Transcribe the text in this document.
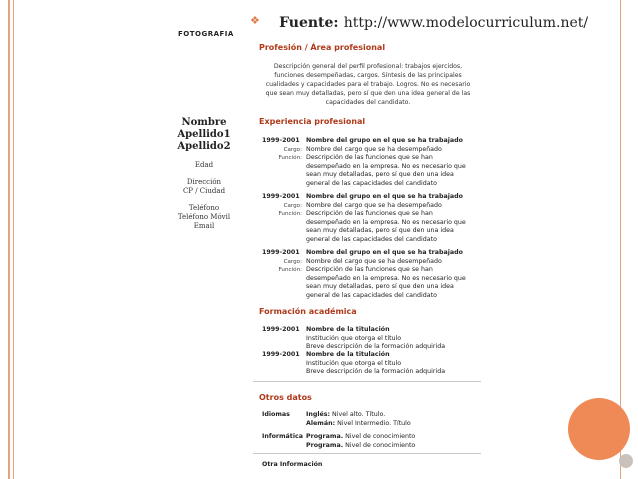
❖ Fuente: http://www.modelocurriculum.net/
FOTOGRAFIA
Nombre
Apellido1
Apellido2
Edad
Dirección
CP / Ciudad
Teléfono
Teléfono Móvil
Email
Profesión / Área profesional
Descripción general del perfil profesional: trabajos ejercidos, funciones desempeñadas, cargos. Síntesis de las principales cualidades y capacidades para el trabajo. Logros. No es necesario que sean muy detalladas, pero sí que den una idea general de las capacidades del candidato.
Experiencia profesional
1999-2001	Nombre del grupo en el que se ha trabajado
Cargo: Nombre del cargo que se ha desempeñado
Función: Descripción de las funciones que se han
desempeñado en la empresa. No es necesario que
sean muy detalladas, pero sí que den una idea
general de las capacidades del candidato
1999-2001	Nombre del grupo en el que se ha trabajado
Cargo: Nombre del cargo que se ha desempeñado
Función: Descripción de las funciones que se han
desempeñado en la empresa. No es necesario que
sean muy detalladas, pero sí que den una idea
general de las capacidades del candidato
1999-2001	Nombre del grupo en el que se ha trabajado
Cargo: Nombre del cargo que se ha desempeñado
Función: Descripción de las funciones que se han
desempeñado en la empresa. No es necesario que
sean muy detalladas, pero sí que den una idea
general de las capacidades del candidato
Formación académica
1999-2001	Nombre de la titulación
Institución que otorga el título
Breve descripción de la formación adquirida
1999-2001	Nombre de la titulación
Institución que otorga el título
Breve descripción de la formación adquirida
Otros datos
Idiomas	Inglés: Nivel alto. Título.
Alemán: Nivel Intermedio. Título
Informática Programa. Nivel de conocimiento
Programa. Nivel de conocimiento
Otra Información
